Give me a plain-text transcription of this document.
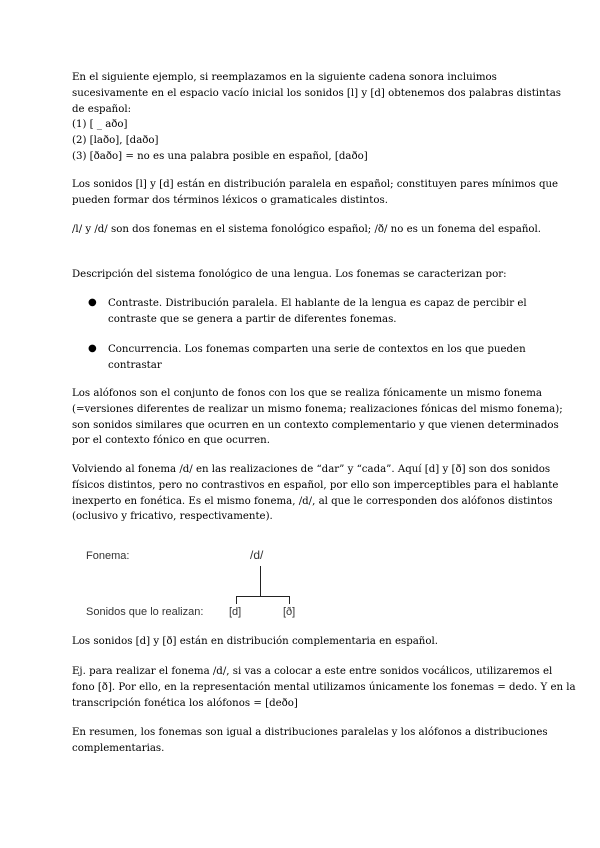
En el siguiente ejemplo, si reemplazamos en la siguiente cadena sonora incluimos
sucesivamente en el espacio vacío inicial los sonidos [l] y [d] obtenemos dos palabras distintas
de español:
(1) [ _ aðo]
(2) [laðo], [daðo]
(3) [ðaðo] = no es una palabra posible en español, [daðo]
Los sonidos [l] y [d] están en distribución paralela en español; constituyen pares mínimos que
pueden formar dos términos léxicos o gramaticales distintos.
/l/ y /d/ son dos fonemas en el sistema fonológico español; /ð/ no es un fonema del español.
Descripción del sistema fonológico de una lengua. Los fonemas se caracterizan por:
● Contraste. Distribución paralela. El hablante de la lengua es capaz de percibir el
contraste que se genera a partir de diferentes fonemas.
● Concurrencia. Los fonemas comparten una serie de contextos en los que pueden
contrastar
Los alófonos son el conjunto de fonos con los que se realiza fónicamente un mismo fonema
(=versiones diferentes de realizar un mismo fonema; realizaciones fónicas del mismo fonema);
son sonidos similares que ocurren en un contexto complementario y que vienen determinados
por el contexto fónico en que ocurren.
Volviendo al fonema /d/ en las realizaciones de “dar” y “cada”. Aquí [d] y [ð] son dos sonidos
físicos distintos, pero no contrastivos en español, por ello son imperceptibles para el hablante
inexperto en fonética. Es el mismo fonema, /d/, al que le corresponden dos alófonos distintos
(oclusivo y fricativo, respectivamente).
Fonema:	/d/
Sonidos que lo realizan: [d]	[ð]
Los sonidos [d] y [ð] están en distribución complementaria en español.
Ej. para realizar el fonema /d/, si vas a colocar a este entre sonidos vocálicos, utilizaremos el
fono [ð]. Por ello, en la representación mental utilizamos únicamente los fonemas = dedo. Y en la
transcripción fonética los alófonos = [deðo]
En resumen, los fonemas son igual a distribuciones paralelas y los alófonos a distribuciones
complementarias.
